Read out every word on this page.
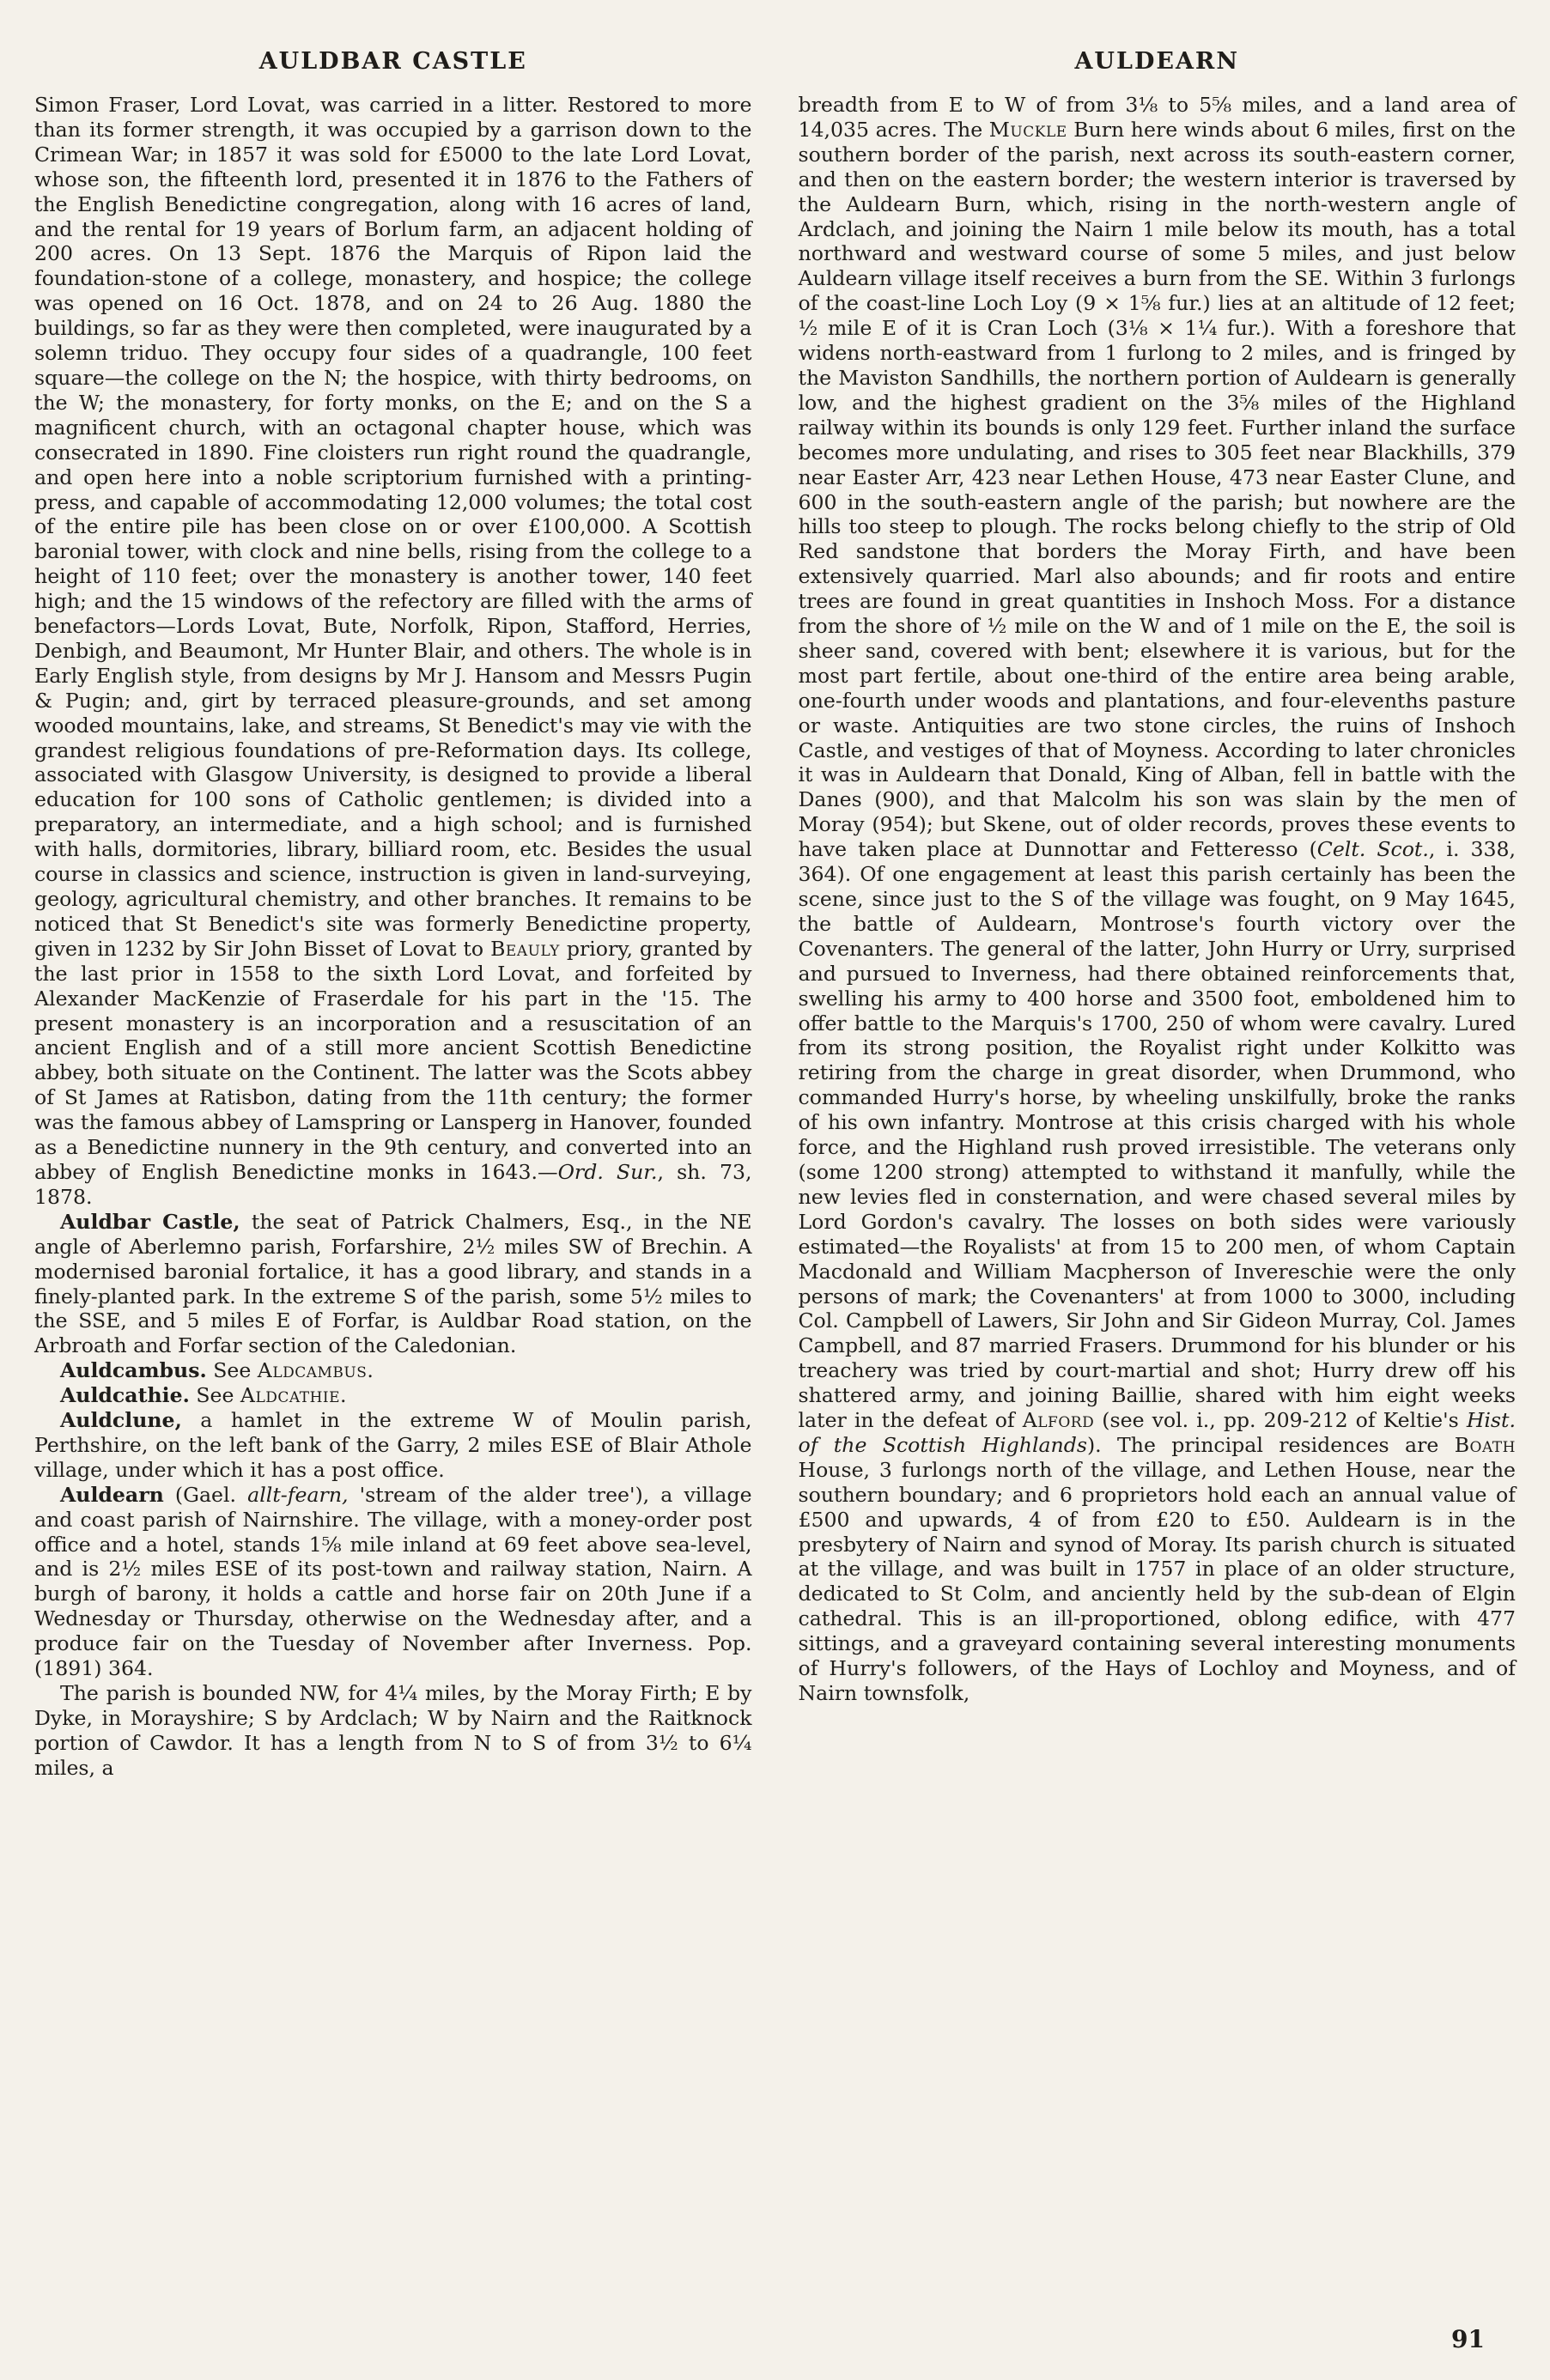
AULDBAR CASTLE	AULDEARN

Simon Fraser, Lord Lovat, was carried in a litter. Restored to more than its former strength, it was occupied by a garrison down to the Crimean War; in 1857 it was sold for £5000 to the late Lord Lovat, whose son, the fifteenth lord, presented it in 1876 to the Fathers of the English Benedictine congregation, along with 16 acres of land, and the rental for 19 years of Borlum farm, an adjacent holding of 200 acres. On 13 Sept. 1876 the Marquis of Ripon laid the foundation-stone of a college, monastery, and hospice; the college was opened on 16 Oct. 1878, and on 24 to 26 Aug. 1880 the buildings, so far as they were then completed, were inaugurated by a solemn triduo. They occupy four sides of a quadrangle, 100 feet square—the college on the N; the hospice, with thirty bedrooms, on the W; the monastery, for forty monks, on the E; and on the S a magnificent church, with an octagonal chapter house, which was consecrated in 1890. Fine cloisters run right round the quadrangle, and open here into a noble scriptorium furnished with a printing-press, and capable of accommodating 12,000 volumes; the total cost of the entire pile has been close on or over £100,000. A Scottish baronial tower, with clock and nine bells, rising from the college to a height of 110 feet; over the monastery is another tower, 140 feet high; and the 15 windows of the refectory are filled with the arms of benefactors—Lords Lovat, Bute, Norfolk, Ripon, Stafford, Herries, Denbigh, and Beaumont, Mr Hunter Blair, and others. The whole is in Early English style, from designs by Mr J. Hansom and Messrs Pugin & Pugin; and, girt by terraced pleasure-grounds, and set among wooded mountains, lake, and streams, St Benedict's may vie with the grandest religious foundations of pre-Reformation days. Its college, associated with Glasgow University, is designed to provide a liberal education for 100 sons of Catholic gentlemen; is divided into a preparatory, an intermediate, and a high school; and is furnished with halls, dormitories, library, billiard room, etc. Besides the usual course in classics and science, instruction is given in land-surveying, geology, agricultural chemistry, and other branches. It remains to be noticed that St Benedict's site was formerly Benedictine property, given in 1232 by Sir John Bisset of Lovat to Beauly priory, granted by the last prior in 1558 to the sixth Lord Lovat, and forfeited by Alexander MacKenzie of Fraserdale for his part in the '15. The present monastery is an incorporation and a resuscitation of an ancient English and of a still more ancient Scottish Benedictine abbey, both situate on the Continent. The latter was the Scots abbey of St James at Ratisbon, dating from the 11th century; the former was the famous abbey of Lamspring or Lansperg in Hanover, founded as a Benedictine nunnery in the 9th century, and converted into an abbey of English Benedictine monks in 1643.—Ord. Sur., sh. 73, 1878.

Auldbar Castle, the seat of Patrick Chalmers, Esq., in the NE angle of Aberlemno parish, Forfarshire, 2½ miles SW of Brechin. A modernised baronial fortalice, it has a good library, and stands in a finely-planted park. In the extreme S of the parish, some 5½ miles to the SSE, and 5 miles E of Forfar, is Auldbar Road station, on the Arbroath and Forfar section of the Caledonian.

Auldcambus. See Aldcambus.

Auldcathie. See Aldcathie.

Auldclune, a hamlet in the extreme W of Moulin parish, Perthshire, on the left bank of the Garry, 2 miles ESE of Blair Athole village, under which it has a post office.

Auldearn (Gael. allt-fearn, 'stream of the alder tree'), a village and coast parish of Nairnshire. The village, with a money-order post office and a hotel, stands 1⅝ mile inland at 69 feet above sea-level, and is 2½ miles ESE of its post-town and railway station, Nairn. A burgh of barony, it holds a cattle and horse fair on 20th June if a Wednesday or Thursday, otherwise on the Wednesday after, and a produce fair on the Tuesday of November after Inverness. Pop. (1891) 364.

The parish is bounded NW, for 4¼ miles, by the Moray Firth; E by Dyke, in Morayshire; S by Ardclach; W by Nairn and the Raitknock portion of Cawdor. It has a length from N to S of from 3½ to 6¼ miles, a

breadth from E to W of from 3⅛ to 5⅝ miles, and a land area of 14,035 acres. The Muckle Burn here winds about 6 miles, first on the southern border of the parish, next across its south-eastern corner, and then on the eastern border; the western interior is traversed by the Auldearn Burn, which, rising in the north-western angle of Ardclach, and joining the Nairn 1 mile below its mouth, has a total northward and westward course of some 5 miles, and just below Auldearn village itself receives a burn from the SE. Within 3 furlongs of the coast-line Loch Loy (9 × 1⅝ fur.) lies at an altitude of 12 feet; ½ mile E of it is Cran Loch (3⅛ × 1¼ fur.). With a foreshore that widens north-eastward from 1 furlong to 2 miles, and is fringed by the Maviston Sandhills, the northern portion of Auldearn is generally low, and the highest gradient on the 3⅝ miles of the Highland railway within its bounds is only 129 feet. Further inland the surface becomes more undulating, and rises to 305 feet near Blackhills, 379 near Easter Arr, 423 near Lethen House, 473 near Easter Clune, and 600 in the south-eastern angle of the parish; but nowhere are the hills too steep to plough. The rocks belong chiefly to the strip of Old Red sandstone that borders the Moray Firth, and have been extensively quarried. Marl also abounds; and fir roots and entire trees are found in great quantities in Inshoch Moss. For a distance from the shore of ½ mile on the W and of 1 mile on the E, the soil is sheer sand, covered with bent; elsewhere it is various, but for the most part fertile, about one-third of the entire area being arable, one-fourth under woods and plantations, and four-elevenths pasture or waste. Antiquities are two stone circles, the ruins of Inshoch Castle, and vestiges of that of Moyness. According to later chronicles it was in Auldearn that Donald, King of Alban, fell in battle with the Danes (900), and that Malcolm his son was slain by the men of Moray (954); but Skene, out of older records, proves these events to have taken place at Dunnottar and Fetteresso (Celt. Scot., i. 338, 364). Of one engagement at least this parish certainly has been the scene, since just to the S of the village was fought, on 9 May 1645, the battle of Auldearn, Montrose's fourth victory over the Covenanters. The general of the latter, John Hurry or Urry, surprised and pursued to Inverness, had there obtained reinforcements that, swelling his army to 400 horse and 3500 foot, emboldened him to offer battle to the Marquis's 1700, 250 of whom were cavalry. Lured from its strong position, the Royalist right under Kolkitto was retiring from the charge in great disorder, when Drummond, who commanded Hurry's horse, by wheeling unskilfully, broke the ranks of his own infantry. Montrose at this crisis charged with his whole force, and the Highland rush proved irresistible. The veterans only (some 1200 strong) attempted to withstand it manfully, while the new levies fled in consternation, and were chased several miles by Lord Gordon's cavalry. The losses on both sides were variously estimated—the Royalists' at from 15 to 200 men, of whom Captain Macdonald and William Macpherson of Invereschie were the only persons of mark; the Covenanters' at from 1000 to 3000, including Col. Campbell of Lawers, Sir John and Sir Gideon Murray, Col. James Campbell, and 87 married Frasers. Drummond for his blunder or his treachery was tried by court-martial and shot; Hurry drew off his shattered army, and joining Baillie, shared with him eight weeks later in the defeat of Alford (see vol. i., pp. 209-212 of Keltie's Hist. of the Scottish Highlands). The principal residences are Boath House, 3 furlongs north of the village, and Lethen House, near the southern boundary; and 6 proprietors hold each an annual value of £500 and upwards, 4 of from £20 to £50. Auldearn is in the presbytery of Nairn and synod of Moray. Its parish church is situated at the village, and was built in 1757 in place of an older structure, dedicated to St Colm, and anciently held by the sub-dean of Elgin cathedral. This is an ill-proportioned, oblong edifice, with 477 sittings, and a graveyard containing several interesting monuments of Hurry's followers, of the Hays of Lochloy and Moyness, and of Nairn townsfolk,

91
